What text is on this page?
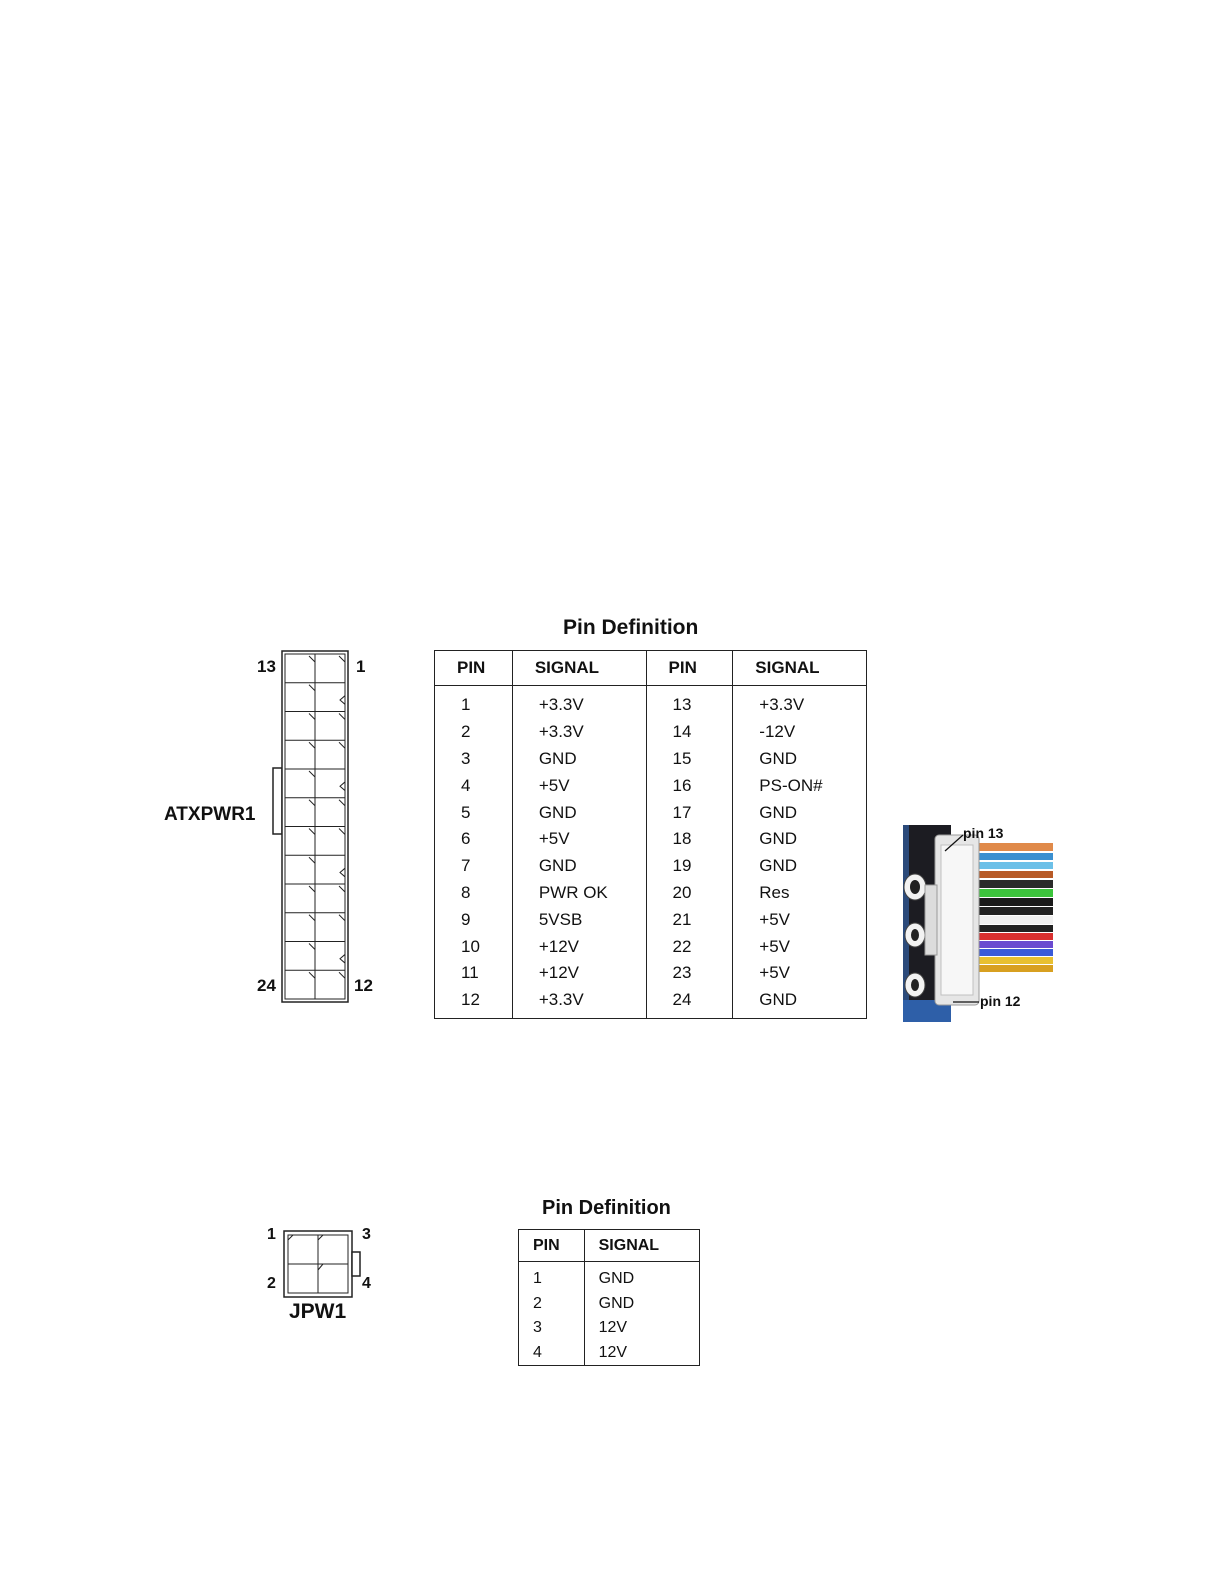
13	1
24	12
ATXPWR1
Pin Definition
PIN	SIGNAL	PIN	SIGNAL
1	+3.3V	13	+3.3V
2	+3.3V	14	-12V
3	GND	15	GND
4	+5V	16	PS-ON#
5	GND	17	GND
6	+5V	18	GND
7	GND	19	GND
8	PWR OK	20	Res
9	5VSB	21	+5V
10	+12V	22	+5V
11	+12V	23	+5V
12	+3.3V	24	GND
pin 13
pin 12
1	3
2	4
JPW1
Pin Definition
PIN	SIGNAL
1	GND
2	GND
3	12V
4	12V
